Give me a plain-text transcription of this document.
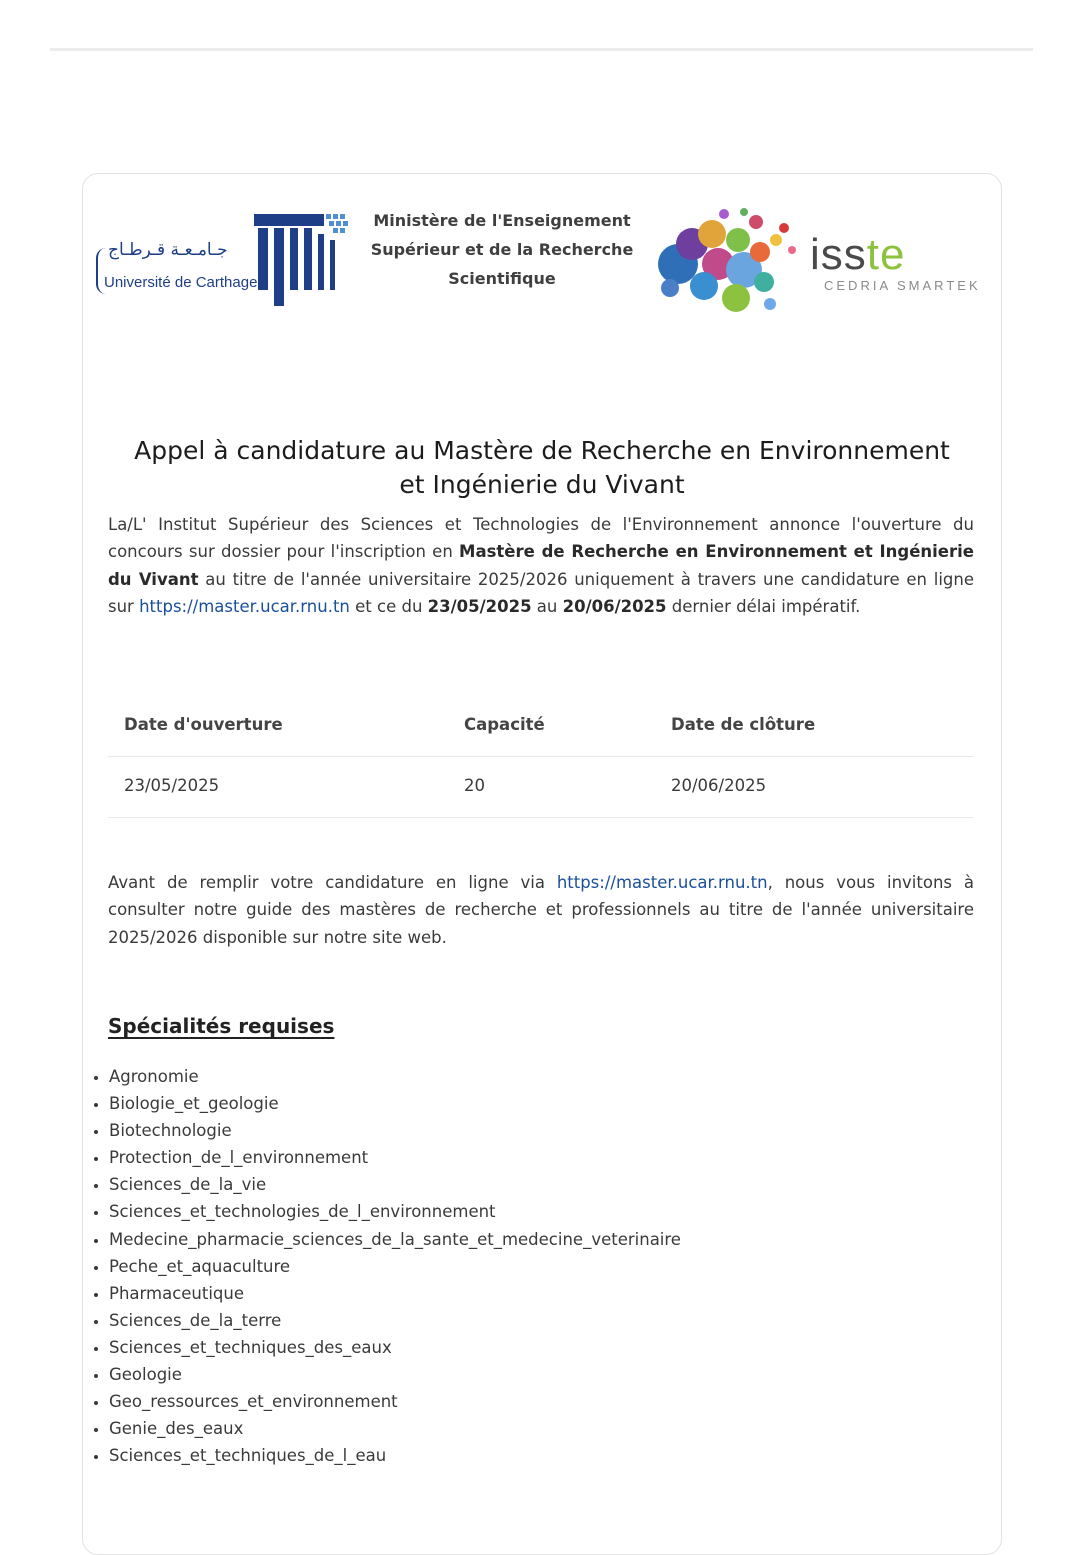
جـامـعـة قـرطـاج
Université de Carthage
Ministère de l'Enseignement
Supérieur et de la Recherche
Scientifique	isste
CEDRIA SMARTEK
Appel à candidature au Mastère de Recherche en Environnement
et Ingénierie du Vivant

La/L' Institut Supérieur des Sciences et Technologies de l'Environnement annonce l'ouverture du concours sur dossier pour l'inscription en Mastère de Recherche en Environnement et Ingénierie du Vivant au titre de l'année universitaire 2025/2026 uniquement à travers une candidature en ligne sur https://master.ucar.rnu.tn et ce du 23/05/2025 au 20/06/2025 dernier délai impératif.

Date d'ouverture	Capacité	Date de clôture
23/05/2025	20	20/06/2025

Avant de remplir votre candidature en ligne via https://master.ucar.rnu.tn, nous vous invitons à consulter notre guide des mastères de recherche et professionnels au titre de l'année universitaire 2025/2026 disponible sur notre site web.

Spécialités requises
• Agronomie
• Biologie_et_geologie
• Biotechnologie
• Protection_de_l_environnement
• Sciences_de_la_vie
• Sciences_et_technologies_de_l_environnement
• Medecine_pharmacie_sciences_de_la_sante_et_medecine_veterinaire
• Peche_et_aquaculture
• Pharmaceutique
• Sciences_de_la_terre
• Sciences_et_techniques_des_eaux
• Geologie
• Geo_ressources_et_environnement
• Genie_des_eaux
• Sciences_et_techniques_de_l_eau
